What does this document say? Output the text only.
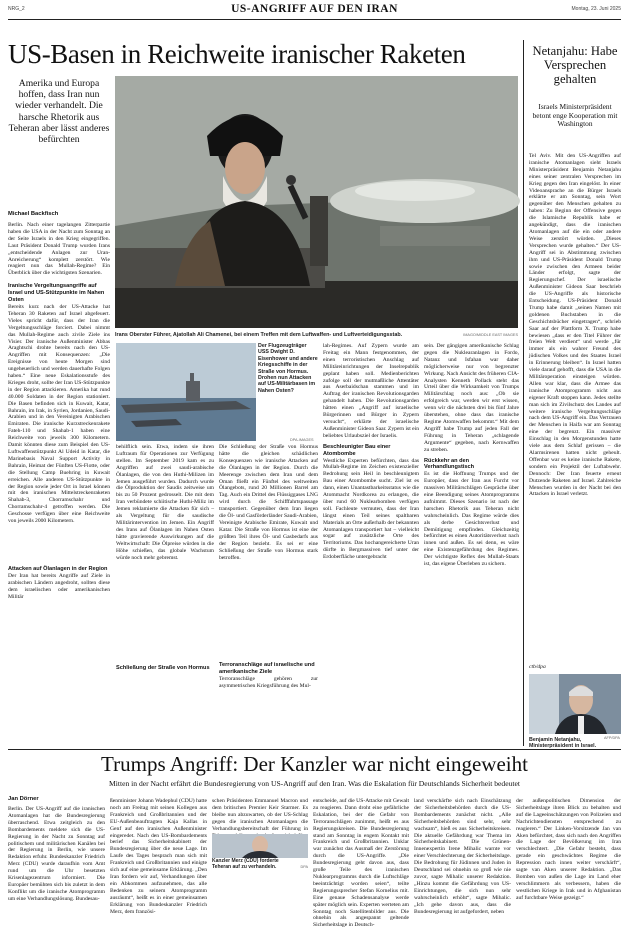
NRG_2	US-ANGRIFF AUF DEN IRAN	Montag, 23. Juni 2025
US-Basen in Reichweite iranischer Raketen
Amerika und Europa hoffen, dass Iran nun wieder verhandelt. Die harsche Rhetorik aus Teheran aber lässt anderes befürchten
Michael Backfisch
Irans Oberster Führer, Ajatollah Ali Chamenei, bei einem Treffen mit dem Luftwaffen- und Luftverteidigungsstab.	IMAGO/MIDDLE EAST IMAGES

Berlin. Nach einer tagelangen Zitterpartie haben die USA in der Nacht zum Sonntag an der Seite Israels in den Krieg eingegriffen. Laut Präsident Donald Trump wurden Irans „entscheidende Anlagen zur Uran-Anreicherung“ komplett zerstört. Wie reagiert nun das Mullah-Regime? Ein Überblick über die wichtigsten Szenarien.

Iranische Vergeltungsangriffe auf Israel und US-Stützpunkte im Nahen Osten

Bereits kurz nach der US-Attacke hat Teheran 30 Raketen auf Israel abgefeuert. Vieles spricht dafür, dass der Iran die Vergeltungsschläge forciert. Dabei nimmt das Mullah-Regime auch zivile Ziele ins Visier. Der iranische Außenminister Abbas Araghtschi drohte bereits nach den US-Angriffen mit Konsequenzen: „Die Ereignisse von heute Morgen sind ungeheuerlich und werden dauerhafte Folgen haben.“ Eine neue Eskalationsstufe des Krieges droht, sollte der Iran US-Stützpunkte in der Region attackieren. Amerika hat rund 40.000 Soldaten in der Region stationiert. Die Basen befinden sich in Kuwait, Katar, Bahrain, im Irak, in Syrien, Jordanien, Saudi-Arabien und in den Vereinigten Arabischen Emiraten. Die iranische Kurzstreckenrakete Fateh-110 und Shahab-1 haben eine Reichweite von jeweils 300 Kilometern. Damit könnten diese zum Beispiel den US-Luftwaffenstützpunkt Al Udeid in Katar, die Marinebasis Naval Support Activity in Bahrain, Heimat der Fünften US-Flotte, oder die Stellung Camp Buehring in Kuwait erreichen. Alle anderen US-Stützpunkte in der Region sowie jeder Ort in Israel können mit den iranischen Mittelstreckenraketen Shahab-3, Chorramschahr und Chorramschahr-4 getroffen werden. Die Geschosse verfügen über eine Reichweite von jeweils 2000 Kilometern.

Attacken auf Ölanlagen in der Region

Der Iran hat bereits Angriffe auf Ziele in arabischen Ländern angedroht, sollten diese dem israelischen oder amerikanischen Militär

Der Flugzeugträger USS Dwight D. Eisenhower und andere Kriegsschiffe in der Straße von Hormus. Drohen nun Attacken auf US-Militärbasen im Nahen Osten?
DPA-IMAGES

behilflich sein. Etwa, indem sie ihren Luftraum für Operationen zur Verfügung stellen. Im September 2019 kam es zu Angriffen auf zwei saudi-arabische Ölanlagen, die von den Huthi-Milizen im Jemen ausgeführt wurden. Dadurch wurde die Ölproduktion der Saudis zeitweise um bis zu 50 Prozent gedrosselt. Die mit dem Iran verbündete schiitische Huthi-Miliz im Jemen reklamierte die Attacken für sich – als Vergeltung für die saudische Militärintervention im Jemen. Ein Angriff des Irans auf Ölanlagen im Nahen Osten hätte gravierende Auswirkungen auf die Weltwirtschaft: Die Ölpreise würden in die Höhe schießen, das globale Wachstum würde noch mehr gebremst.

Schließung der Straße von Hormus

Die Schließung der Straße von Hormus hätte die gleichen schädlichen Konsequenzen wie iranische Attacken auf die Ölanlagen in der Region. Durch die Meerenge zwischen dem Iran und dem Oman fließt ein Fünftel des weltweiten Ölangebots, rund 20 Millionen Barrel am Tag. Auch ein Drittel des Flüssiggases LNG wird durch die Schifffahrtspassage transportiert. Gegenüber dem Iran liegen die Öl- und Gasförderländer Saudi-Arabien, Vereinigte Arabische Emirate, Kuwait und Katar. Die Straße von Hormus ist eine der größten Teil ihres Öl- und Gasbedarfs aus der Region bezieht. Es sei er eine Schließung der Straße von Hormus stark betroffen.

Terroranschläge auf israelische und amerikanische Ziele

Terroranschläge gehören zur asymmetrischen Kriegsführung des Mul-

lah-Regimes. Auf Zypern wurde am Freitag ein Mann festgenommen, der einen terroristischen Anschlag auf Militäreinrichtungen der Inselrepublik geplant haben soll. Medienberichten zufolge soll der mutmaßliche Attentäter aus Aserbaidschan stammen und im Auftrag der iranischen Revolutionsgarden gehandelt haben. Die Revolutionsgarden hätten einen „Angriff auf israelische Bürgerinnen und Bürger in Zypern versucht“, erklärte der israelische Außenminister Gideon Saar. Zypern ist ein beliebtes Urlaubsziel der Israelis.

Beschleunigter Bau einer Atombombe

Westliche Experten befürchten, dass das Mullah-Regime im Zeichen existenzieller Bedrohung sein Heil in beschleunigtem Bau einer Atombombe sucht. Ziel ist es dann, einen Unantastbarkeitsstatus wie die Atommacht Nordkorea zu erlangen, die über rund 60 Nuklearbomben verfügen soll. Fachleute vermuten, dass der Iran längst einen Teil seines spaltbaren Materials an Orte außerhalb der bekannten Atomanlagen transportiert hat – vielleicht sogar auf zusätzliche Orte des Territoriums. Das hochangereicherte Uran dürfte in Bergmassiven tief unter der Erdoberfläche untergebracht

sein. Der gängigen amerikanische Schlag gegen die Nuklearanlagen in Fordo, Natanz und Isfahan war daher möglicherweise nur von begrenzter Wirkung. Nach Ansicht des früheren CIA-Analysten Kenneth Pollack steht das Urteil über die Wirksamkeit von Trumps Militärschlag noch aus: „Ob sie erfolgreich war, werden wir erst wissen, wenn wir die nächsten drei bis fünf Jahre überstehen, ohne dass das iranische Regime Atomwaffen bekommt.“ Mit dem Angriff habe Trump auf jeden Fall der Führung in Teheran „schlagende Argumente“ gegeben, nach Kernwaffen zu streben.

Rückkehr an den Verhandlungstisch

Es ist die Hoffnung Trumps und der Europäer, dass der Iran aus Furcht vor massiven Militärschlägen Gespräche über eine Beendigung seines Atomprogramms aufnimmt. Dieses Szenario ist nach der harschen Rhetorik aus Teheran nicht wahrscheinlich. Das Regime würde dies als derbe Gesichtsverlust und Demütigung empfinden. Gleichzeitig befürchtet es einen Autoritätsverlust nach innen und außen. Es sei denn, es wäre eine Existenzgefährdung des Regimes. Der wichtigste Reflex des Mullah-Staats ist, das eigene Überleben zu sichern.

Netanjahu: Habe Versprechen gehalten
Israels Ministerpräsident betont enge Kooperation mit Washington

Tel Aviv. Mit den US-Angriffen auf iranische Atomanlagen sieht Israels Ministerpräsident Benjamin Netanjahu eines seiner zentralen Versprechen im Krieg gegen den Iran eingelöst. In einer Videoansprache an die Bürger Israels erklärte er am Sonntag, sein Wort gegenüber den Menschen gehalten zu haben: Zu Beginn der Offensive gegen die Islamische Republik habe er angekündigt, dass die iranischen Atomanlagen auf die ein oder andere Weise zerstört würden. „Dieses Versprechen wurde gehalten.“ Der US-Angriff sei in Abstimmung zwischen ihm und US-Präsident Donald Trump sowie zwischen den Armeen beider Länder erfolgt, sagte der Regierungschef. Der israelische Außenminister Gideon Saar beschrieb die US-Angriffe als historische Entscheidung. US-Präsident Donald Trump habe damit „seinen Namen mit goldenen Buchstaben in die Geschichtsbücher eingetragen“, schrieb Saar auf der Plattform X. Trump habe bewiesen „dass er den Titel Führer der freien Welt verdient“ und werde „für immer als ein wahrer Freund des jüdischen Volkes und des Staates Israel in Erinnerung bleiben“. In Israel hatten viele darauf gehofft, dass die USA in die Militäroperation einsteigen würden. Allen war klar, dass die Armee das iranische Atomprogramm nicht aus eigener Kraft stoppen kann. Jedes stellte man sich im Zivilschutz des Landes auf weitere iranische Vergeltungsschläge nach dem US-Angriff ein. Das Vertrauen der Menschen in Haifa war am Sonntag eine der begrenzt. Ein massiver Einschlag in den Morgenstunden hatte viele aus dem Schlaf gerissen – die Alarmsirenen hatten nicht geheult. Offenbar war es keine iranische Rakete, sondern ein Projektil der Luftabwehr. Dennoch: Der Iran feuerte erneut Dutzende Raketen auf Israel. Zahlreiche Menschen wurden in der Nacht bei den Attacken in Israel verletzt.

ctb/dpa

Benjamin Netanjahu, Ministerpräsident in Israel.
AFP/DPA
Trumps Angriff: Der Kanzler war nicht eingeweiht
Mitten in der Nacht erfährt die Bundesregierung von US-Angriff auf den Iran. Was die Eskalation für Deutschlands Sicherheit bedeutet
Jan Dörner

Berlin. Der US-Angriff auf die iranischen Atomanlagen hat die Bundesregierung überraschend. Etwa zeitgleich zu den Bombardements meldete sich die US-Regierung in der Nacht zu Sonntag auf politischem und militärischen Kanälen bei der Regierung in Berlin, wie unsere Redaktion erfuhr. Bundeskanzler Friedrich Merz (CDU) wurde daraufhin vom Amt rund um die Uhr besetzten Krisenlagezentrum informiert. Die Europäer bemühten sich bis zuletzt in dem Konflikt um die iranische Atomprogramm um eine Verhandlungslösung. Bundesau-

ßenminister Johann Wadephul (CDU) hatte noch am Freitag mit seinen Kollegen aus Frankreich und Großbritannien und der EU-Außenbeauftragten Kaja Kallas in Genf auf den iranischen Außenminister eingeredet. Nach den US-Bombardements berief das Sicherheitskabinett der Bundesregierung über die neue Lage. Im Laufe des Tages besprach man sich mit Frankreich und Großbritannien und einigte sich auf eine gemeinsame Erklärung. „Den Iran fordern wir auf, Verhandlungen über ein Abkommen aufzunehmen, das alle Bedenken zu seinem Atomprogramm ausräumt“, heißt es in einer gemeinsamen Erklärung von Bundeskanzler Friedrich Merz, dem französi-

schen Präsidenten Emmanuel Macron und dem britischen Premier Keir Starmer. Es bleibe nun abzuwarten, ob der US-Schlag gegen die iranischen Atomanlagen die Verhandlungsbereitschaft der Führung in

entscheide, auf die US-Attacke mit Gewalt zu reagieren. Dann droht eine gefährliche Eskalation, bei der die Gefahr von Terroranschlägen zunimmt, heißt es aus Regierungskreisen. Die Bundesregierung stand am Sonntag in engem Kontakt mit Frankreich und Großbritannien. Unklar war zunächst das Ausmaß der Zerstörung durch die US-Angriffe. „Die Bundesregierung geht davon aus, dass große Teile des iranischen Nuklearprogramms durch die Luftschläge beeinträchtigt worden seien“, teilte Regierungssprecher Stefan Kornelius mit. Eine genaue Schadensanalyse werde später möglich sein. Experten werteten am Sonntag noch Satellitenbilder aus. Die ohnehin als angespannt geltende Sicherheitslage in Deutsch-

land verschärfte sich nach Einschätzung der Sicherheitsbehörden durch die US-Bombardements zunächst nicht. „Alle Sicherheitsbehörden sind sehr, sehr wachsam“, hieß es aus Sicherheitskreisen. Die aktuelle Gefährdung war Thema im Sicherheitskabinett. Die Grünen-Innenexpertin Irene Mihalic warnte vor einer Verschlechterung der Sicherheitslage. Die Bedrohung für Jüdinnen und Juden in Deutschland sei ohnehin so groß wie nie zuvor, sagte Mihalic unserer Redaktion. „Hinzu kommt die Gefährdung von US-Einrichtungen, die sich nun sehr wahrscheinlich erhöht“, sagte Mihalic. „Ich gehe davon aus, dass die Bundesregierung ist aufgefordert, neben

der außenpolitischen Dimension der Sicherheitslage ihren Blick zu behalten und auf die Lageeinschätzungen von Polizeien und Nachrichtendiensten entsprechend zu reagieren.“ Der Linken-Vorsitzende Jan van Aken befürchtet, dass sich nach den Angriffen die Lage der Bevölkerung im Iran verschlechtert. „Die Gefahr besteht, dass gerade ein geschwächtes Regime die Repression nach innen weiter verschärft“, sagte van Aken unserer Redaktion. „Das Bomben von außen die Lage im Land eher verschlimmern als verbessern, haben die westlichen Kriege in Irak und in Afghanistan auf furchtbare Weise gezeigt.“

Kanzler Merz (CDU) forderte Teheran auf zu verhandeln.	DPA
